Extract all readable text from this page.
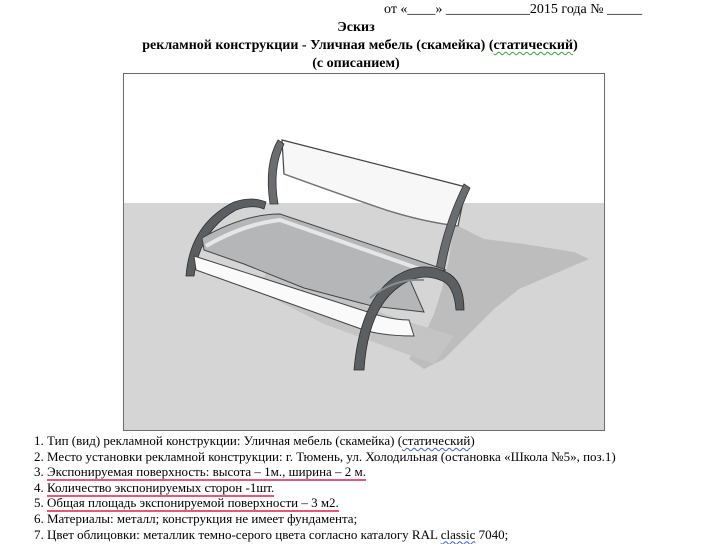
от «____» ____________2015 года № _____
Эскиз
рекламной конструкции - Уличная мебель (скамейка) (статический)
(с описанием)
1. Тип (вид) рекламной конструкции: Уличная мебель (скамейка) (статический)
2. Место установки рекламной конструкции: г. Тюмень, ул. Холодильная (остановка «Школа №5», поз.1)
3. Экспонируемая поверхность: высота – 1м., ширина – 2 м.
4. Количество экспонируемых сторон -1шт.
5. Общая площадь экспонируемой поверхности – 3 м2.
6. Материалы: металл; конструкция не имеет фундамента;
7. Цвет облицовки: металлик темно-серого цвета согласно каталогу RAL classic 7040;
